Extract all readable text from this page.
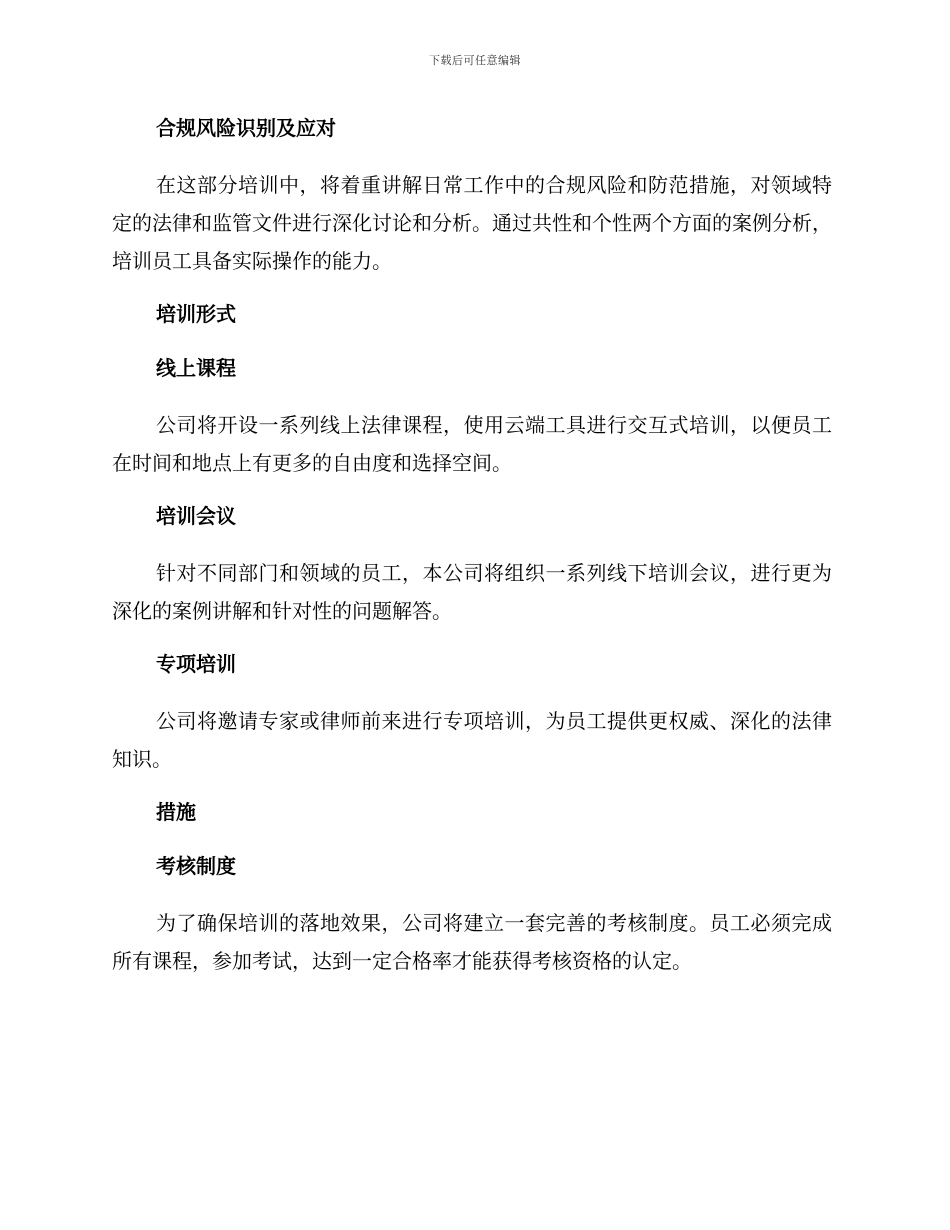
下载后可任意编辑
合规风险识别及应对
在这部分培训中，将着重讲解日常工作中的合规风险和防范措施，对领域特定的法律和监管文件进行深化讨论和分析。通过共性和个性两个方面的案例分析，培训员工具备实际操作的能力。
培训形式
线上课程
公司将开设一系列线上法律课程，使用云端工具进行交互式培训，以便员工在时间和地点上有更多的自由度和选择空间。
培训会议
针对不同部门和领域的员工，本公司将组织一系列线下培训会议，进行更为深化的案例讲解和针对性的问题解答。
专项培训
公司将邀请专家或律师前来进行专项培训，为员工提供更权威、深化的法律知识。
措施
考核制度
为了确保培训的落地效果，公司将建立一套完善的考核制度。员工必须完成所有课程，参加考试，达到一定合格率才能获得考核资格的认定。
